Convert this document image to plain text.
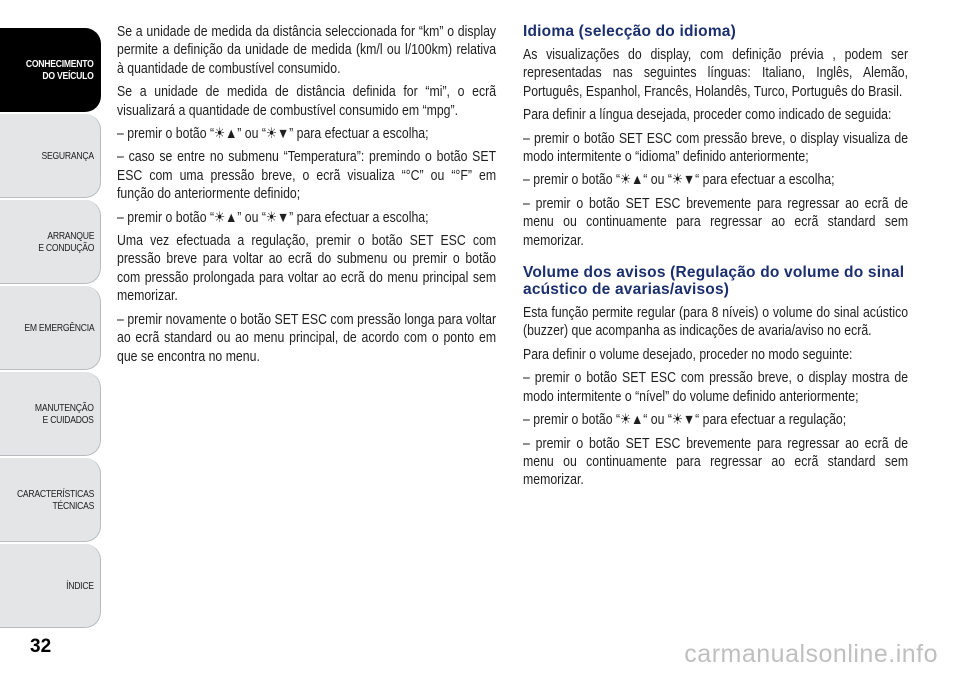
CONHECIMENTO
DO VEÍCULO
SEGURANÇA
ARRANQUE
E CONDUÇÃO
EM EMERGÊNCIA
MANUTENÇÃO
E CUIDADOS
CARACTERÍSTICAS
TÉCNICAS
ÍNDICE
32

Se a unidade de medida da distância seleccionada for “km” o display permite a definição da unidade de medida (km/l ou l/100km) relativa à quantidade de combustível consumido.

Se a unidade de medida de distância definida for “mi”, o ecrã visualizará a quantidade de combustível consumido em “mpg”.

– premir o botão “☀▲” ou “☀▼” para efectuar a escolha;

– caso se entre no submenu “Temperatura”: premindo o botão SET ESC com uma pressão breve, o ecrã visualiza “°C” ou “°F” em função do anteriormente definido;

– premir o botão “☀▲” ou “☀▼” para efectuar a escolha;

Uma vez efectuada a regulação, premir o botão SET ESC com pressão breve para voltar ao ecrã do submenu ou premir o botão com pressão prolongada para voltar ao ecrã do menu principal sem memorizar.

– premir novamente o botão SET ESC com pressão longa para voltar ao ecrã standard ou ao menu principal, de acordo com o ponto em que se encontra no menu.

Idioma (selecção do idioma)

As visualizações do display, com definição prévia , podem ser representadas nas seguintes línguas: Italiano, Inglês, Alemão, Português, Espanhol, Francês, Holandês, Turco, Português do Brasil.

Para definir a língua desejada, proceder como indicado de seguida:

– premir o botão SET ESC com pressão breve, o display visualiza de modo intermitente o “idioma” definido anteriormente;

– premir o botão “☀▲“ ou “☀▼“ para efectuar a escolha;

– premir o botão SET ESC brevemente para regressar ao ecrã de menu ou continuamente para regressar ao ecrã standard sem memorizar.

Volume dos avisos (Regulação do volume do sinal acústico de avarias/avisos)

Esta função permite regular (para 8 níveis) o volume do sinal acústico (buzzer) que acompanha as indicações de avaria/aviso no ecrã.

Para definir o volume desejado, proceder no modo seguinte:

– premir o botão SET ESC com pressão breve, o display mostra de modo intermitente o “nível” do volume definido anteriormente;

– premir o botão “☀▲“ ou “☀▼“ para efectuar a regulação;

– premir o botão SET ESC brevemente para regressar ao ecrã de menu ou continuamente para regressar ao ecrã standard sem memorizar.

carmanualsonline.info
